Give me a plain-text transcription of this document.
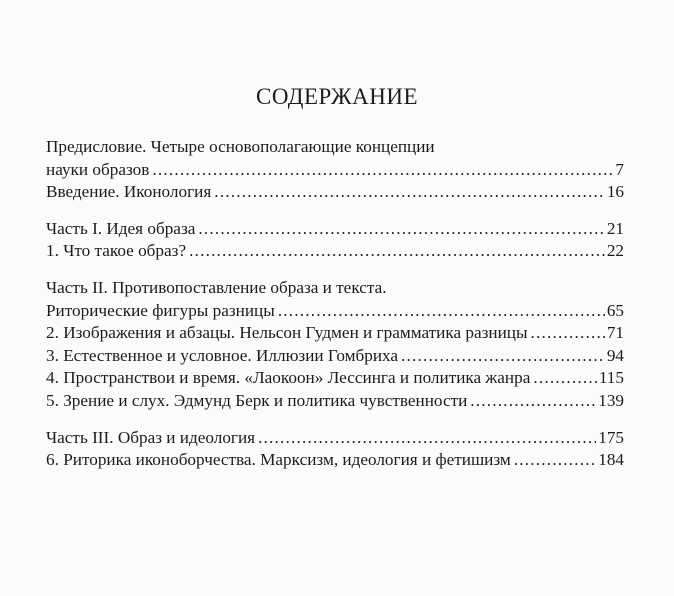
СОДЕРЖАНИЕ
Предисловие. Четыре основополагающие концепции
науки образов .....	7
Введение. Иконология .....	16
Часть I. Идея образа .....	21
1. Что такое образ? .....	22
Часть II. Противопоставление образа и текста.
Риторические фигуры разницы .....	65
2. Изображения и абзацы. Нельсон Гудмен и грамматика разницы .....	71
3. Естественное и условное. Иллюзии Гомбриха .....	94
4. Пространствои и время. «Лаокоон» Лессинга и политика жанра .....	115
5. Зрение и слух. Эдмунд Берк и политика чувственности .....	139
Часть III. Образ и идеология .....	175
6. Риторика иконоборчества. Марксизм, идеология и фетишизм .....	184
